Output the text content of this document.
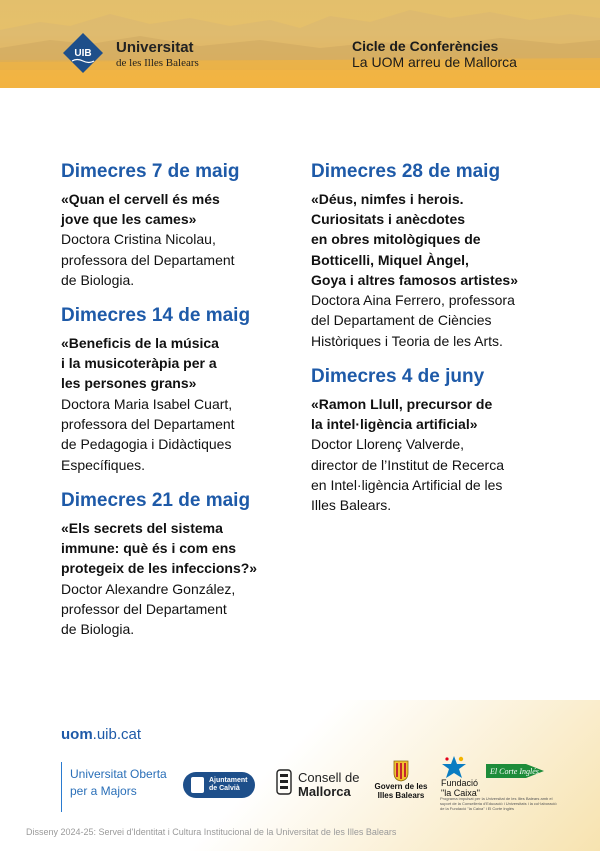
UIB Universitat
de les Illes Balears
Cicle de Conferències
La UOM arreu de Mallorca
Dimecres 7 de maig
«Quan el cervell és més
jove que les cames»
Doctora Cristina Nicolau,
professora del Departament
de Biologia.
Dimecres 14 de maig
«Beneficis de la música
i la musicoteràpia per a
les persones grans»
Doctora Maria Isabel Cuart,
professora del Departament
de Pedagogia i Didàctiques
Específiques.
Dimecres 21 de maig
«Els secrets del sistema
immune: què és i com ens
protegeix de les infeccions?»
Doctor Alexandre González,
professor del Departament
de Biologia.
Dimecres 28 de maig
«Déus, nimfes i herois.
Curiositats i anècdotes
en obres mitològiques de
Botticelli, Miquel Àngel,
Goya i altres famosos artistes»
Doctora Aina Ferrero, professora
del Departament de Ciències
Històriques i Teoria de les Arts.
Dimecres 4 de juny
«Ramon Llull, precursor de
la intel·ligència artificial»
Doctor Llorenç Valverde,
director de l’Institut de Recerca
en Intel·ligència Artificial de les
Illes Balears.
uom.uib.cat
Universitat Oberta
per a Majors
Ajuntament
de Calvià
Consell de
Mallorca	Govern de les
Illes Balears
Fundació
"la Caixa"
El Corte Inglés
Programa impulsat per la Universitat de les Illes Balears amb el suport de la Conselleria d'Educació i Universitats i la col·laboració de la Fundació "la Caixa" i El Corte Inglés
Disseny 2024-25: Servei d'Identitat i Cultura Institucional de la Universitat de les Illes Balears
